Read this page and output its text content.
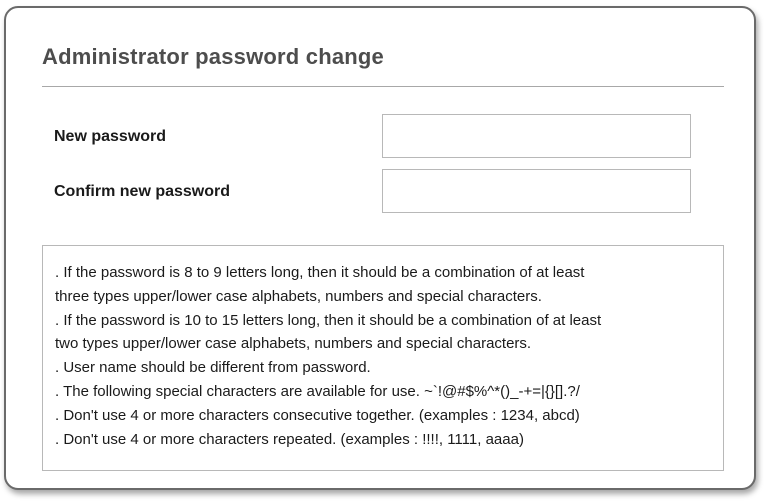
Administrator password change
New password
Confirm new password
. If the password is 8 to 9 letters long, then it should be a combination of at least
three types upper/lower case alphabets, numbers and special characters.
. If the password is 10 to 15 letters long, then it should be a combination of at least
two types upper/lower case alphabets, numbers and special characters.
. User name should be different from password.
. The following special characters are available for use. ~`!@#$%^*()_-+=|{}[].?/
. Don't use 4 or more characters consecutive together. (examples : 1234, abcd)
. Don't use 4 or more characters repeated. (examples : !!!!, 1111, aaaa)
